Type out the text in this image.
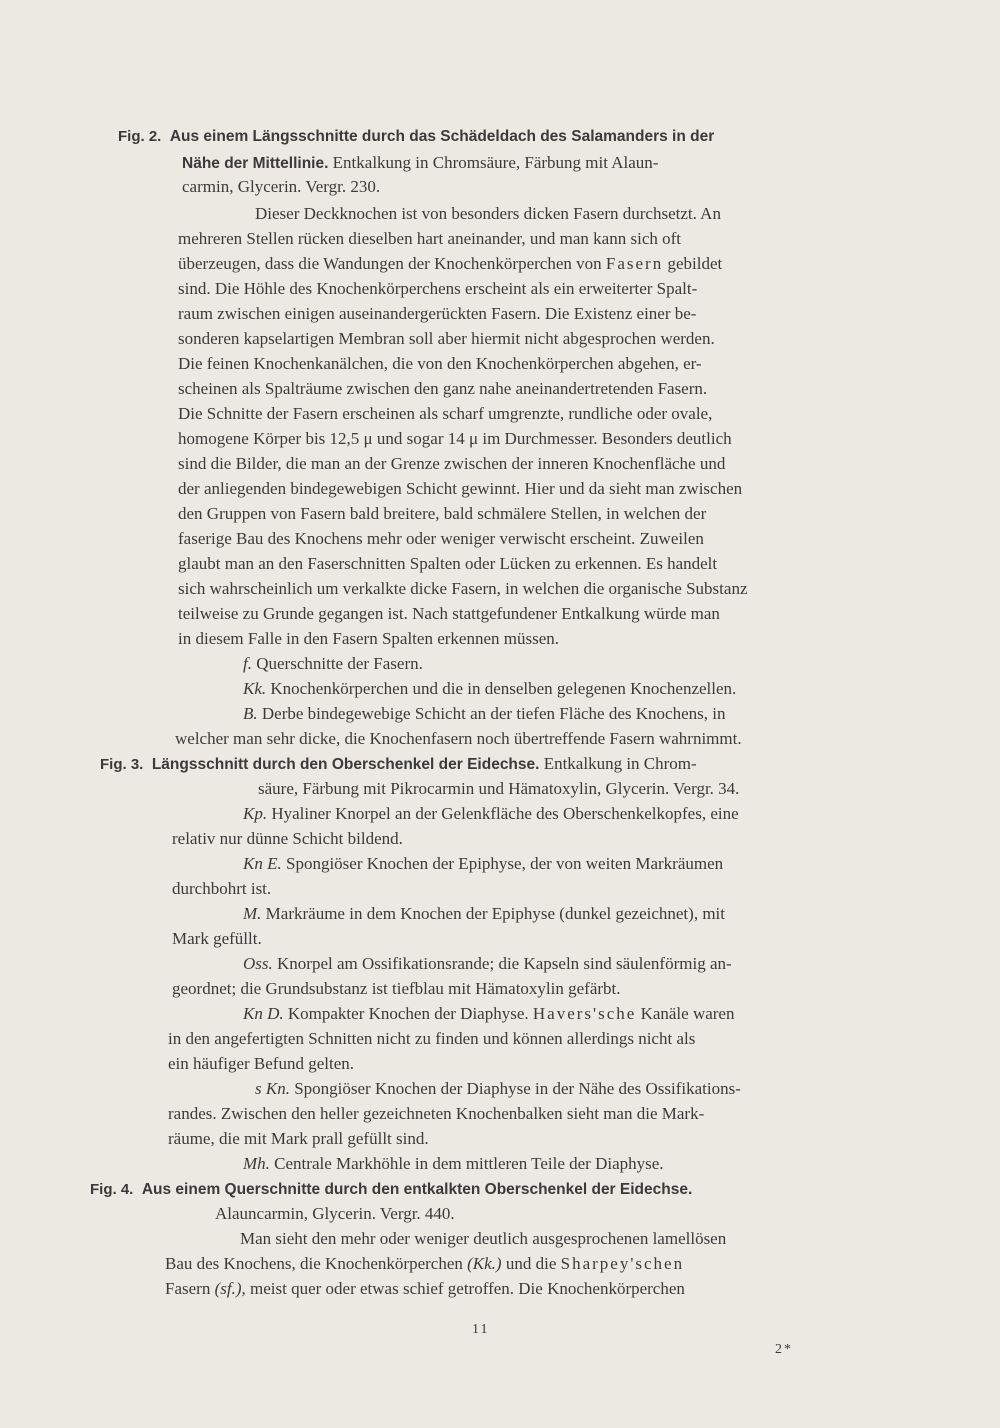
Fig. 2. Aus einem Längsschnitte durch das Schädeldach des Salamanders in der
Nähe der Mittellinie. Entkalkung in Chromsäure, Färbung mit Alaun-
carmin, Glycerin. Vergr. 230.
Dieser Deckknochen ist von besonders dicken Fasern durchsetzt. An
mehreren Stellen rücken dieselben hart aneinander, und man kann sich oft
überzeugen, dass die Wandungen der Knochenkörperchen von Fasern gebildet
sind. Die Höhle des Knochenkörperchens erscheint als ein erweiterter Spalt-
raum zwischen einigen auseinandergerückten Fasern. Die Existenz einer be-
sonderen kapselartigen Membran soll aber hiermit nicht abgesprochen werden.
Die feinen Knochenkanälchen, die von den Knochenkörperchen abgehen, er-
scheinen als Spalträume zwischen den ganz nahe aneinandertretenden Fasern.
Die Schnitte der Fasern erscheinen als scharf umgrenzte, rundliche oder ovale,
homogene Körper bis 12,5 μ und sogar 14 μ im Durchmesser. Besonders deutlich
sind die Bilder, die man an der Grenze zwischen der inneren Knochenfläche und
der anliegenden bindegewebigen Schicht gewinnt. Hier und da sieht man zwischen
den Gruppen von Fasern bald breitere, bald schmälere Stellen, in welchen der
faserige Bau des Knochens mehr oder weniger verwischt erscheint. Zuweilen
glaubt man an den Faserschnitten Spalten oder Lücken zu erkennen. Es handelt
sich wahrscheinlich um verkalkte dicke Fasern, in welchen die organische Substanz
teilweise zu Grunde gegangen ist. Nach stattgefundener Entkalkung würde man
in diesem Falle in den Fasern Spalten erkennen müssen.
f. Querschnitte der Fasern.
Kk. Knochenkörperchen und die in denselben gelegenen Knochenzellen.
B. Derbe bindegewebige Schicht an der tiefen Fläche des Knochens, in
welcher man sehr dicke, die Knochenfasern noch übertreffende Fasern wahrnimmt.
Fig. 3. Längsschnitt durch den Oberschenkel der Eidechse. Entkalkung in Chrom-
säure, Färbung mit Pikrocarmin und Hämatoxylin, Glycerin. Vergr. 34.
Kp. Hyaliner Knorpel an der Gelenkfläche des Oberschenkelkopfes, eine
relativ nur dünne Schicht bildend.
Kn E. Spongiöser Knochen der Epiphyse, der von weiten Markräumen
durchbohrt ist.
M. Markräume in dem Knochen der Epiphyse (dunkel gezeichnet), mit
Mark gefüllt.
Oss. Knorpel am Ossifikationsrande; die Kapseln sind säulenförmig an-
geordnet; die Grundsubstanz ist tiefblau mit Hämatoxylin gefärbt.
Kn D. Kompakter Knochen der Diaphyse. Havers'sche Kanäle waren
in den angefertigten Schnitten nicht zu finden und können allerdings nicht als
ein häufiger Befund gelten.
s Kn. Spongiöser Knochen der Diaphyse in der Nähe des Ossifikations-
randes. Zwischen den heller gezeichneten Knochenbalken sieht man die Mark-
räume, die mit Mark prall gefüllt sind.
Mh. Centrale Markhöhle in dem mittleren Teile der Diaphyse.
Fig. 4. Aus einem Querschnitte durch den entkalkten Oberschenkel der Eidechse.
Alauncarmin, Glycerin. Vergr. 440.
Man sieht den mehr oder weniger deutlich ausgesprochenen lamellösen
Bau des Knochens, die Knochenkörperchen (Kk.) und die Sharpey'schen
Fasern (sf.), meist quer oder etwas schief getroffen. Die Knochenkörperchen
11
2*
